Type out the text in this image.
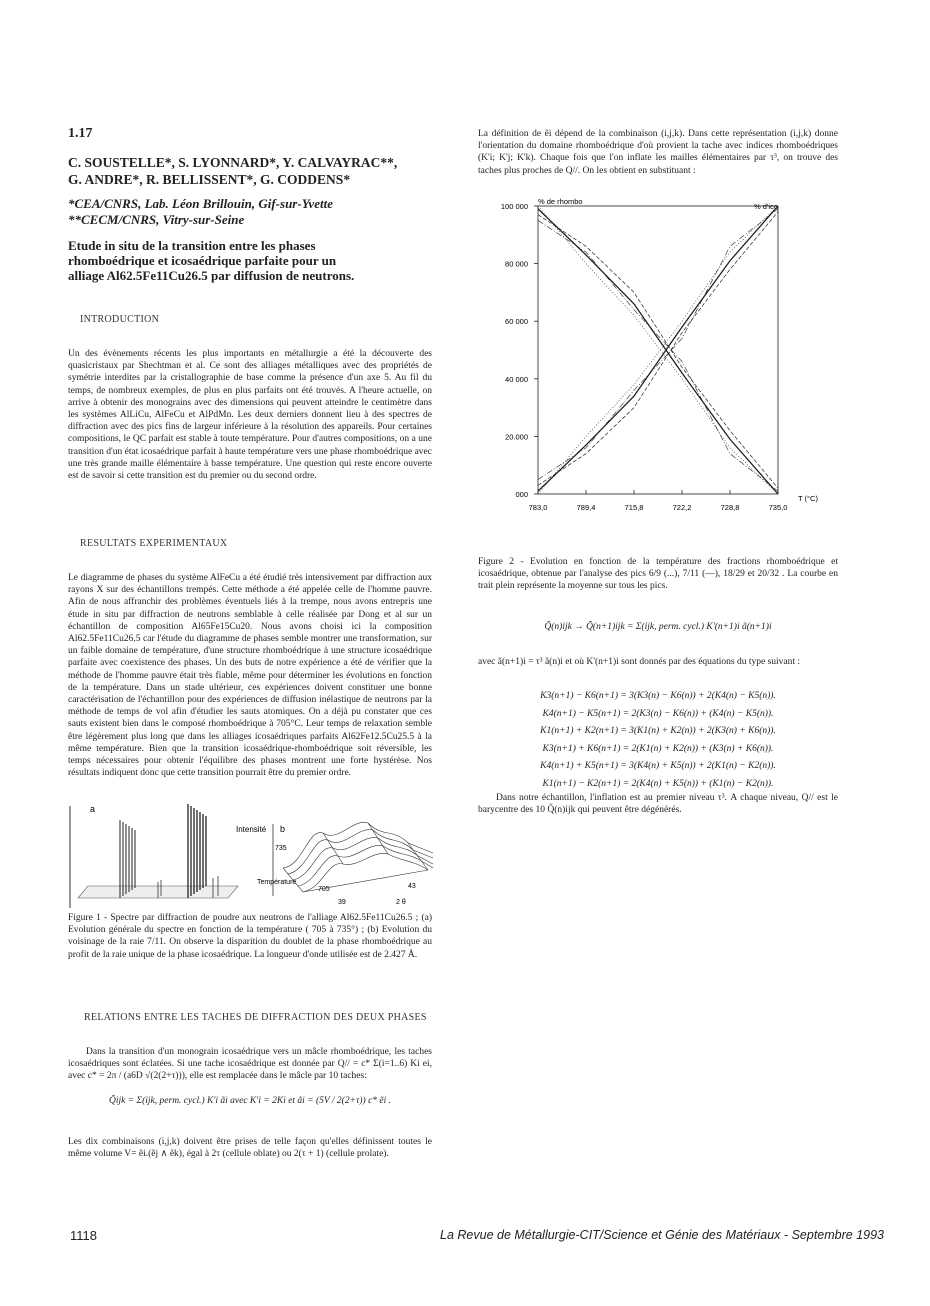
1.17
C. SOUSTELLE*, S. LYONNARD*, Y. CALVAYRAC**,
G. ANDRE*, R. BELLISSENT*, G. CODDENS*
*CEA/CNRS, Lab. Léon Brillouin, Gif-sur-Yvette
**CECM/CNRS, Vitry-sur-Seine
Etude in situ de la transition entre les phases
rhomboédrique et icosaédrique parfaite pour un
alliage Al62.5Fe11Cu26.5 par diffusion de neutrons.
INTRODUCTION
Un des évènements récents les plus importants en métallurgie a été la découverte des quasicristaux par Shechtman et al. Ce sont des alliages métalliques avec des propriétés de symétrie interdites par la cristallographie de base comme la présence d'un axe 5. Au fil du temps, de nombreux exemples, de plus en plus parfaits ont été trouvés. A l'heure actuelle, on arrive à obtenir des monograins avec des dimensions qui peuvent atteindre le centimètre dans les systèmes AlLiCu, AlFeCu et AlPdMn. Les deux derniers donnent lieu à des spectres de diffraction avec des pics fins de largeur inférieure à la résolution des appareils. Pour certaines compositions, le QC parfait est stable à toute température. Pour d'autres compositions, on a une transition d'un état icosaédrique parfait à haute température vers une phase rhomboédrique avec une très grande maille élémentaire à basse température. Une question qui reste encore ouverte est de savoir si cette transition est du premier ou du second ordre.
RESULTATS EXPERIMENTAUX
Le diagramme de phases du système AlFeCu a été étudié très intensivement par diffraction aux rayons X sur des échantillons trempés. Cette méthode a été appelée celle de l'homme pauvre. Afin de nous affranchir des problèmes éventuels liés à la trempe, nous avons entrepris une étude in situ par diffraction de neutrons semblable à celle réalisée par Dong et al sur un échantillon de composition Al65Fe15Cu20. Nous avons choisi ici la composition Al62.5Fe11Cu26.5 car l'étude du diagramme de phases semble montrer une transformation, sur un faible domaine de température, d'une structure rhomboédrique à une structure icosaédrique parfaite avec coexistence des phases. Un des buts de notre expérience a été de vérifier que la méthode de l'homme pauvre était très fiable, même pour déterminer les évolutions en fonction de la température. Dans un stade ultérieur, ces expériences doivent constituer une bonne caractérisation de l'échantillon pour des expériences de diffusion inélastique de neutrons par la méthode de temps de vol afin d'étudier les sauts atomiques. On a déjà pu constater que ces sauts existent bien dans le composé rhomboédrique à 705°C. Leur temps de relaxation semble être légèrement plus long que dans les alliages icosaédriques parfaits Al62Fe12.5Cu25.5 à la même température. Bien que la transition icosaédrique-rhomboédrique soit réversible, les temps nécessaires pour obtenir l'équilibre des phases montrent une forte hystérèse. Nos résultats indiquent donc que cette transition pourrait être du premier ordre.
a
Intensité b
735
Température
705	43
39	2 θ
Figure 1 - Spectre par diffraction de poudre aux neutrons de l'alliage Al62.5Fe11Cu26.5 ; (a) Evolution générale du spectre en fonction de la température ( 705 à 735°) ; (b) Evolution du voisinage de la raie 7/11. On observe la disparition du doublet de la phase rhomboédrique au profit de la raie unique de la phase icosaédrique. La longueur d'onde utilisée est de 2.427 Å.
RELATIONS ENTRE LES TACHES DE DIFFRACTION DES DEUX PHASES
Dans la transition d'un monograin icosaédrique vers un mâcle rhomboédrique, les taches icosaédriques sont éclatées. Si une tache icosaédrique est donnée par Q// = c* Σ(i=1..6) Ki ei, avec c* = 2π / (a6D √(2(2+τ))), elle est remplacée dans le mâcle par 10 taches:
Q̃ijk = Σ(ijk, perm. cycl.) K'i ãi avec K'i = 2Ki et ãi = (5V / 2(2+τ)) c* ẽi .
Les dix combinaisons (i,j,k) doivent être prises de telle façon qu'elles définissent toutes le même volume V= ẽi.(ẽj ∧ ẽk), égal à 2τ (cellule oblate) ou 2(τ + 1) (cellule prolate).
La définition de ẽi dépend de la combinaison (i,j,k). Dans cette représentation (i,j,k) donne l'orientation du domaine rhomboédrique d'où provient la tache avec indices rhomboédriques (K'i; K'j; K'k). Chaque fois que l'on inflate les mailles élémentaires par τ³, on trouve des taches plus proches de Q//. On les obtient en substituant :
% de rhombo
% d'ico
T (°C)
000
20.000
40 000
60 000
80 000
100 000
783,0	789,4	715,8	722,2	728,8	735,0
Figure 2 - Evolution en fonction de la température des fractions rhomboédrique et icosaédrique, obtenue par l'analyse des pics 6/9 (...), 7/11 (—), 18/29 et 20/32 . La courbe en trait plein représente la moyenne sur tous les pics.
Q̃(n)ijk → Q̃(n+1)ijk = Σ(ijk, perm. cycl.) K'(n+1)i ã(n+1)i
avec ã(n+1)i = τ³ ã(n)i et où K'(n+1)i sont donnés par des équations du type suivant :
K3(n+1) − K6(n+1) = 3(K3(n) − K6(n)) + 2(K4(n) − K5(n)).
K4(n+1) − K5(n+1) = 2(K3(n) − K6(n)) + (K4(n) − K5(n)).
K1(n+1) + K2(n+1) = 3(K1(n) + K2(n)) + 2(K3(n) + K6(n)).
K3(n+1) + K6(n+1) = 2(K1(n) + K2(n)) + (K3(n) + K6(n)).
K4(n+1) + K5(n+1) = 3(K4(n) + K5(n)) + 2(K1(n) − K2(n)).
K1(n+1) − K2(n+1) = 2(K4(n) + K5(n)) + (K1(n) − K2(n)).
Dans notre échantillon, l'inflation est au premier niveau τ³. A chaque niveau, Q// est le barycentre des 10 Q̃(n)ijk qui peuvent être dégénérés.
1118	La Revue de Métallurgie-CIT/Science et Génie des Matériaux - Septembre 1993
